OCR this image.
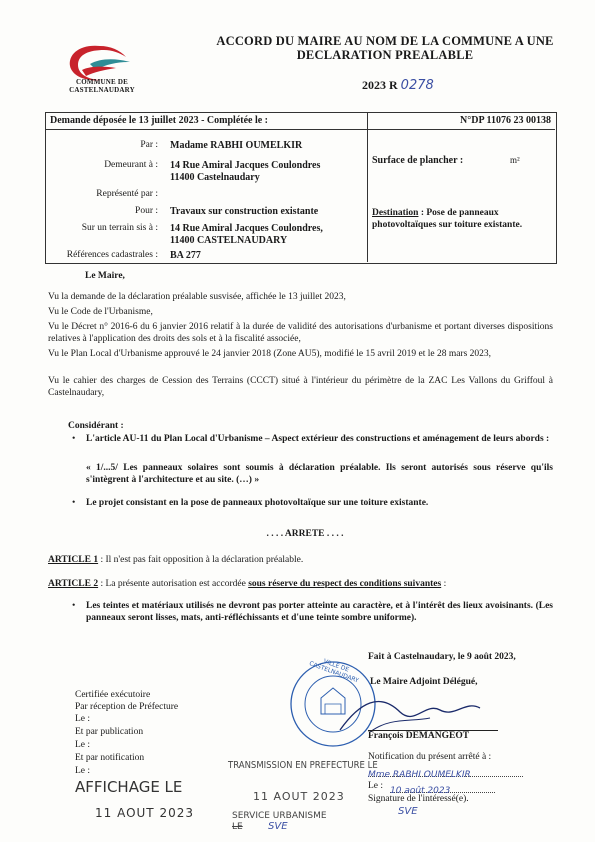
COMMUNE DE CASTELNAUDARY
ACCORD DU MAIRE AU NOM DE LA COMMUNE A UNE DECLARATION PREALABLE
2023 R 0278
Demande déposée le 13 juillet 2023 - Complétée le :	N°DP 11076 23 00138
Par : Madame RABHI OUMELKIR
Demeurant à : 14 Rue Amiral Jacques Coulondres
11400 Castelnaudary
Représenté par :
Pour : Travaux sur construction existante
Sur un terrain sis à : 14 Rue Amiral Jacques Coulondres,
11400 CASTELNAUDARY
Références cadastrales : BA 277
Surface de plancher :	m²
Destination : Pose de panneaux photovoltaïques sur toiture existante.
Le Maire,
Vu la demande de la déclaration préalable susvisée, affichée le 13 juillet 2023,
Vu le Code de l'Urbanisme,
Vu le Décret n° 2016-6 du 6 janvier 2016 relatif à la durée de validité des autorisations d'urbanisme et portant diverses dispositions relatives à l'application des droits des sols et à la fiscalité associée,
Vu le Plan Local d'Urbanisme approuvé le 24 janvier 2018 (Zone AU5), modifié le 15 avril 2019 et le 28 mars 2023,
Vu le cahier des charges de Cession des Terrains (CCCT) situé à l'intérieur du périmètre de la ZAC Les Vallons du Griffoul à Castelnaudary,
Considérant :
• L'article AU-11 du Plan Local d'Urbanisme – Aspect extérieur des constructions et aménagement de leurs abords :
« 1/...5/ Les panneaux solaires sont soumis à déclaration préalable. Ils seront autorisés sous réserve qu'ils s'intègrent à l'architecture et au site. (…) »
• Le projet consistant en la pose de panneaux photovoltaïque sur une toiture existante.
. . . . ARRETE . . . .
ARTICLE 1 : Il n'est pas fait opposition à la déclaration préalable.
ARTICLE 2 : La présente autorisation est accordée sous réserve du respect des conditions suivantes :
• Les teintes et matériaux utilisés ne devront pas porter atteinte au caractère, et à l'intérêt des lieux avoisinants. (Les panneaux seront lisses, mats, anti-réfléchissants et d'une teinte sombre uniforme).
Fait à Castelnaudary, le 9 août 2023,
Le Maire Adjoint Délégué,
VILLE DE CASTELNAUDARY
François DEMANGEOT
Certifiée exécutoire
Par réception de Préfecture
Le :
Et par publication
Le :
Et par notification
Le :
AFFICHAGE LE
11 AOUT 2023
TRANSMISSION EN PREFECTURE LE
11 AOUT 2023
SERVICE URBANISME
LE	SVE
Notification du présent arrêté à :
Mme RABHI OUMELKIR
Le : 10 août 2023
Signature de l'intéressé(e).
SVE
